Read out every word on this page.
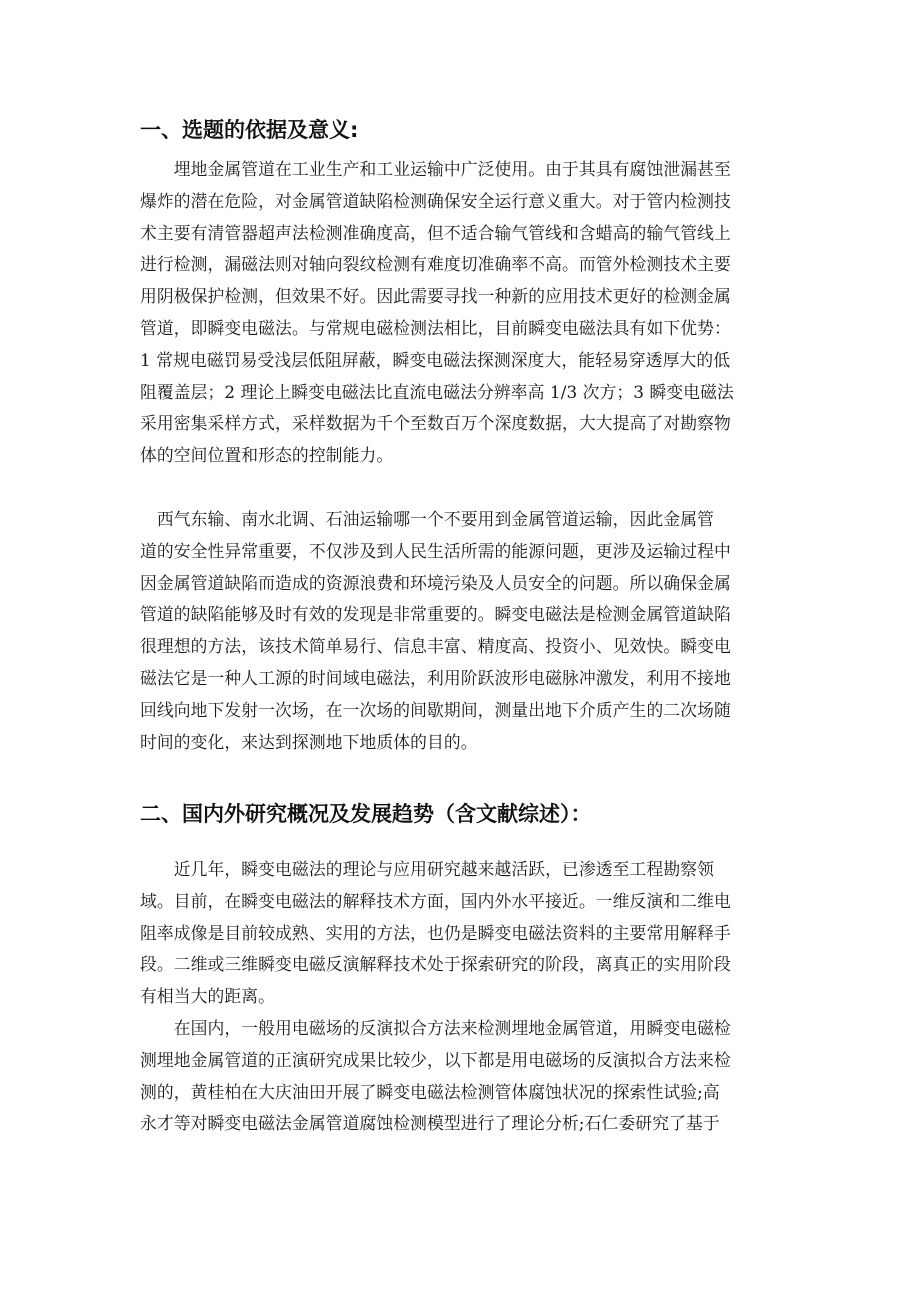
一、选题的依据及意义:
　　埋地金属管道在工业生产和工业运输中广泛使用。由于其具有腐蚀泄漏甚至
爆炸的潜在危险，对金属管道缺陷检测确保安全运行意义重大。对于管内检测技
术主要有清管器超声法检测准确度高，但不适合输气管线和含蜡高的输气管线上
进行检测，漏磁法则对轴向裂纹检测有难度切准确率不高。而管外检测技术主要
用阴极保护检测，但效果不好。因此需要寻找一种新的应用技术更好的检测金属
管道，即瞬变电磁法。与常规电磁检测法相比，目前瞬变电磁法具有如下优势：
1 常规电磁罚易受浅层低阻屏蔽，瞬变电磁法探测深度大，能轻易穿透厚大的低
阻覆盖层；2 理论上瞬变电磁法比直流电磁法分辨率高 1/3 次方；3 瞬变电磁法
采用密集采样方式，采样数据为千个至数百万个深度数据，大大提高了对勘察物
体的空间位置和形态的控制能力。
　西气东输、南水北调、石油运输哪一个不要用到金属管道运输，因此金属管
道的安全性异常重要，不仅涉及到人民生活所需的能源问题，更涉及运输过程中
因金属管道缺陷而造成的资源浪费和环境污染及人员安全的问题。所以确保金属
管道的缺陷能够及时有效的发现是非常重要的。瞬变电磁法是检测金属管道缺陷
很理想的方法，该技术简单易行、信息丰富、精度高、投资小、见效快。瞬变电
磁法它是一种人工源的时间域电磁法，利用阶跃波形电磁脉冲激发，利用不接地
回线向地下发射一次场，在一次场的间歇期间，测量出地下介质产生的二次场随
时间的变化，来达到探测地下地质体的目的。
二、国内外研究概况及发展趋势（含文献综述）：
　　近几年，瞬变电磁法的理论与应用研究越来越活跃，已渗透至工程勘察领
域。目前，在瞬变电磁法的解释技术方面，国内外水平接近。一维反演和二维电
阻率成像是目前较成熟、实用的方法，也仍是瞬变电磁法资料的主要常用解释手
段。二维或三维瞬变电磁反演解释技术处于探索研究的阶段，离真正的实用阶段
有相当大的距离。
　　在国内，一般用电磁场的反演拟合方法来检测埋地金属管道，用瞬变电磁检
测埋地金属管道的正演研究成果比较少，以下都是用电磁场的反演拟合方法来检
测的，黄桂柏在大庆油田开展了瞬变电磁法检测管体腐蚀状况的探索性试验;高
永才等对瞬变电磁法金属管道腐蚀检测模型进行了理论分析;石仁委研究了基于
